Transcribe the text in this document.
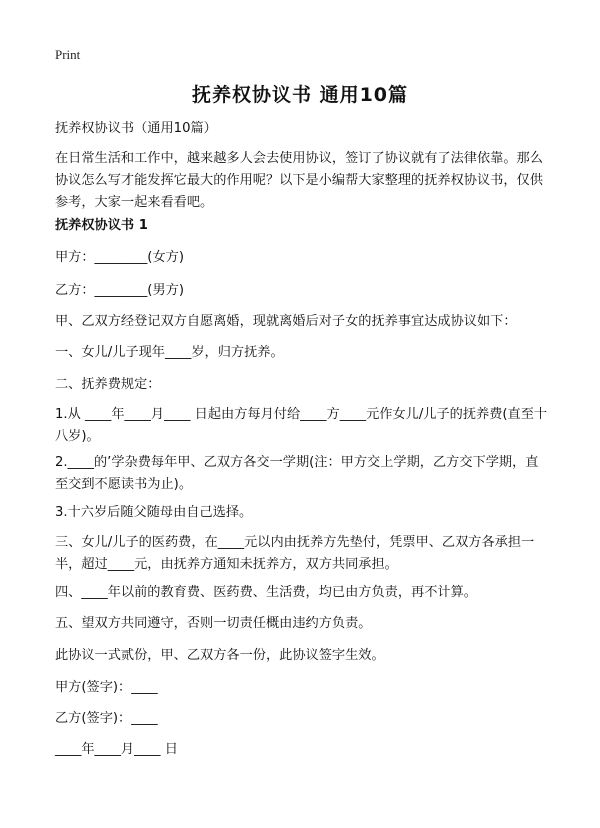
Print
抚养权协议书 通用10篇

抚养权协议书（通用10篇）

在日常生活和工作中，越来越多人会去使用协议，签订了协议就有了法律依靠。那么协议怎么写才能发挥它最大的作用呢？以下是小编帮大家整理的抚养权协议书，仅供参考，大家一起来看看吧。

抚养权协议书 1

甲方：________(女方)

乙方：________(男方)

甲、乙双方经登记双方自愿离婚，现就离婚后对子女的抚养事宜达成协议如下：

一、女儿/儿子现年____岁，归方抚养。

二、抚养费规定：

1.从 ____年____月____ 日起由方每月付给____方____元作女儿/儿子的抚养费(直至十八岁)。

2.____的’学杂费每年甲、乙双方各交一学期(注：甲方交上学期，乙方交下学期，直至交到不愿读书为止)。

3.十六岁后随父随母由自己选择。

三、女儿/儿子的医药费，在____元以内由抚养方先垫付，凭票甲、乙双方各承担一半，超过____元，由抚养方通知未抚养方，双方共同承担。

四、____年以前的教育费、医药费、生活费，均已由方负责，再不计算。

五、望双方共同遵守，否则一切责任概由违约方负责。

此协议一式贰份，甲、乙双方各一份，此协议签字生效。

甲方(签字)：____

乙方(签字)：____

____年____月____ 日
